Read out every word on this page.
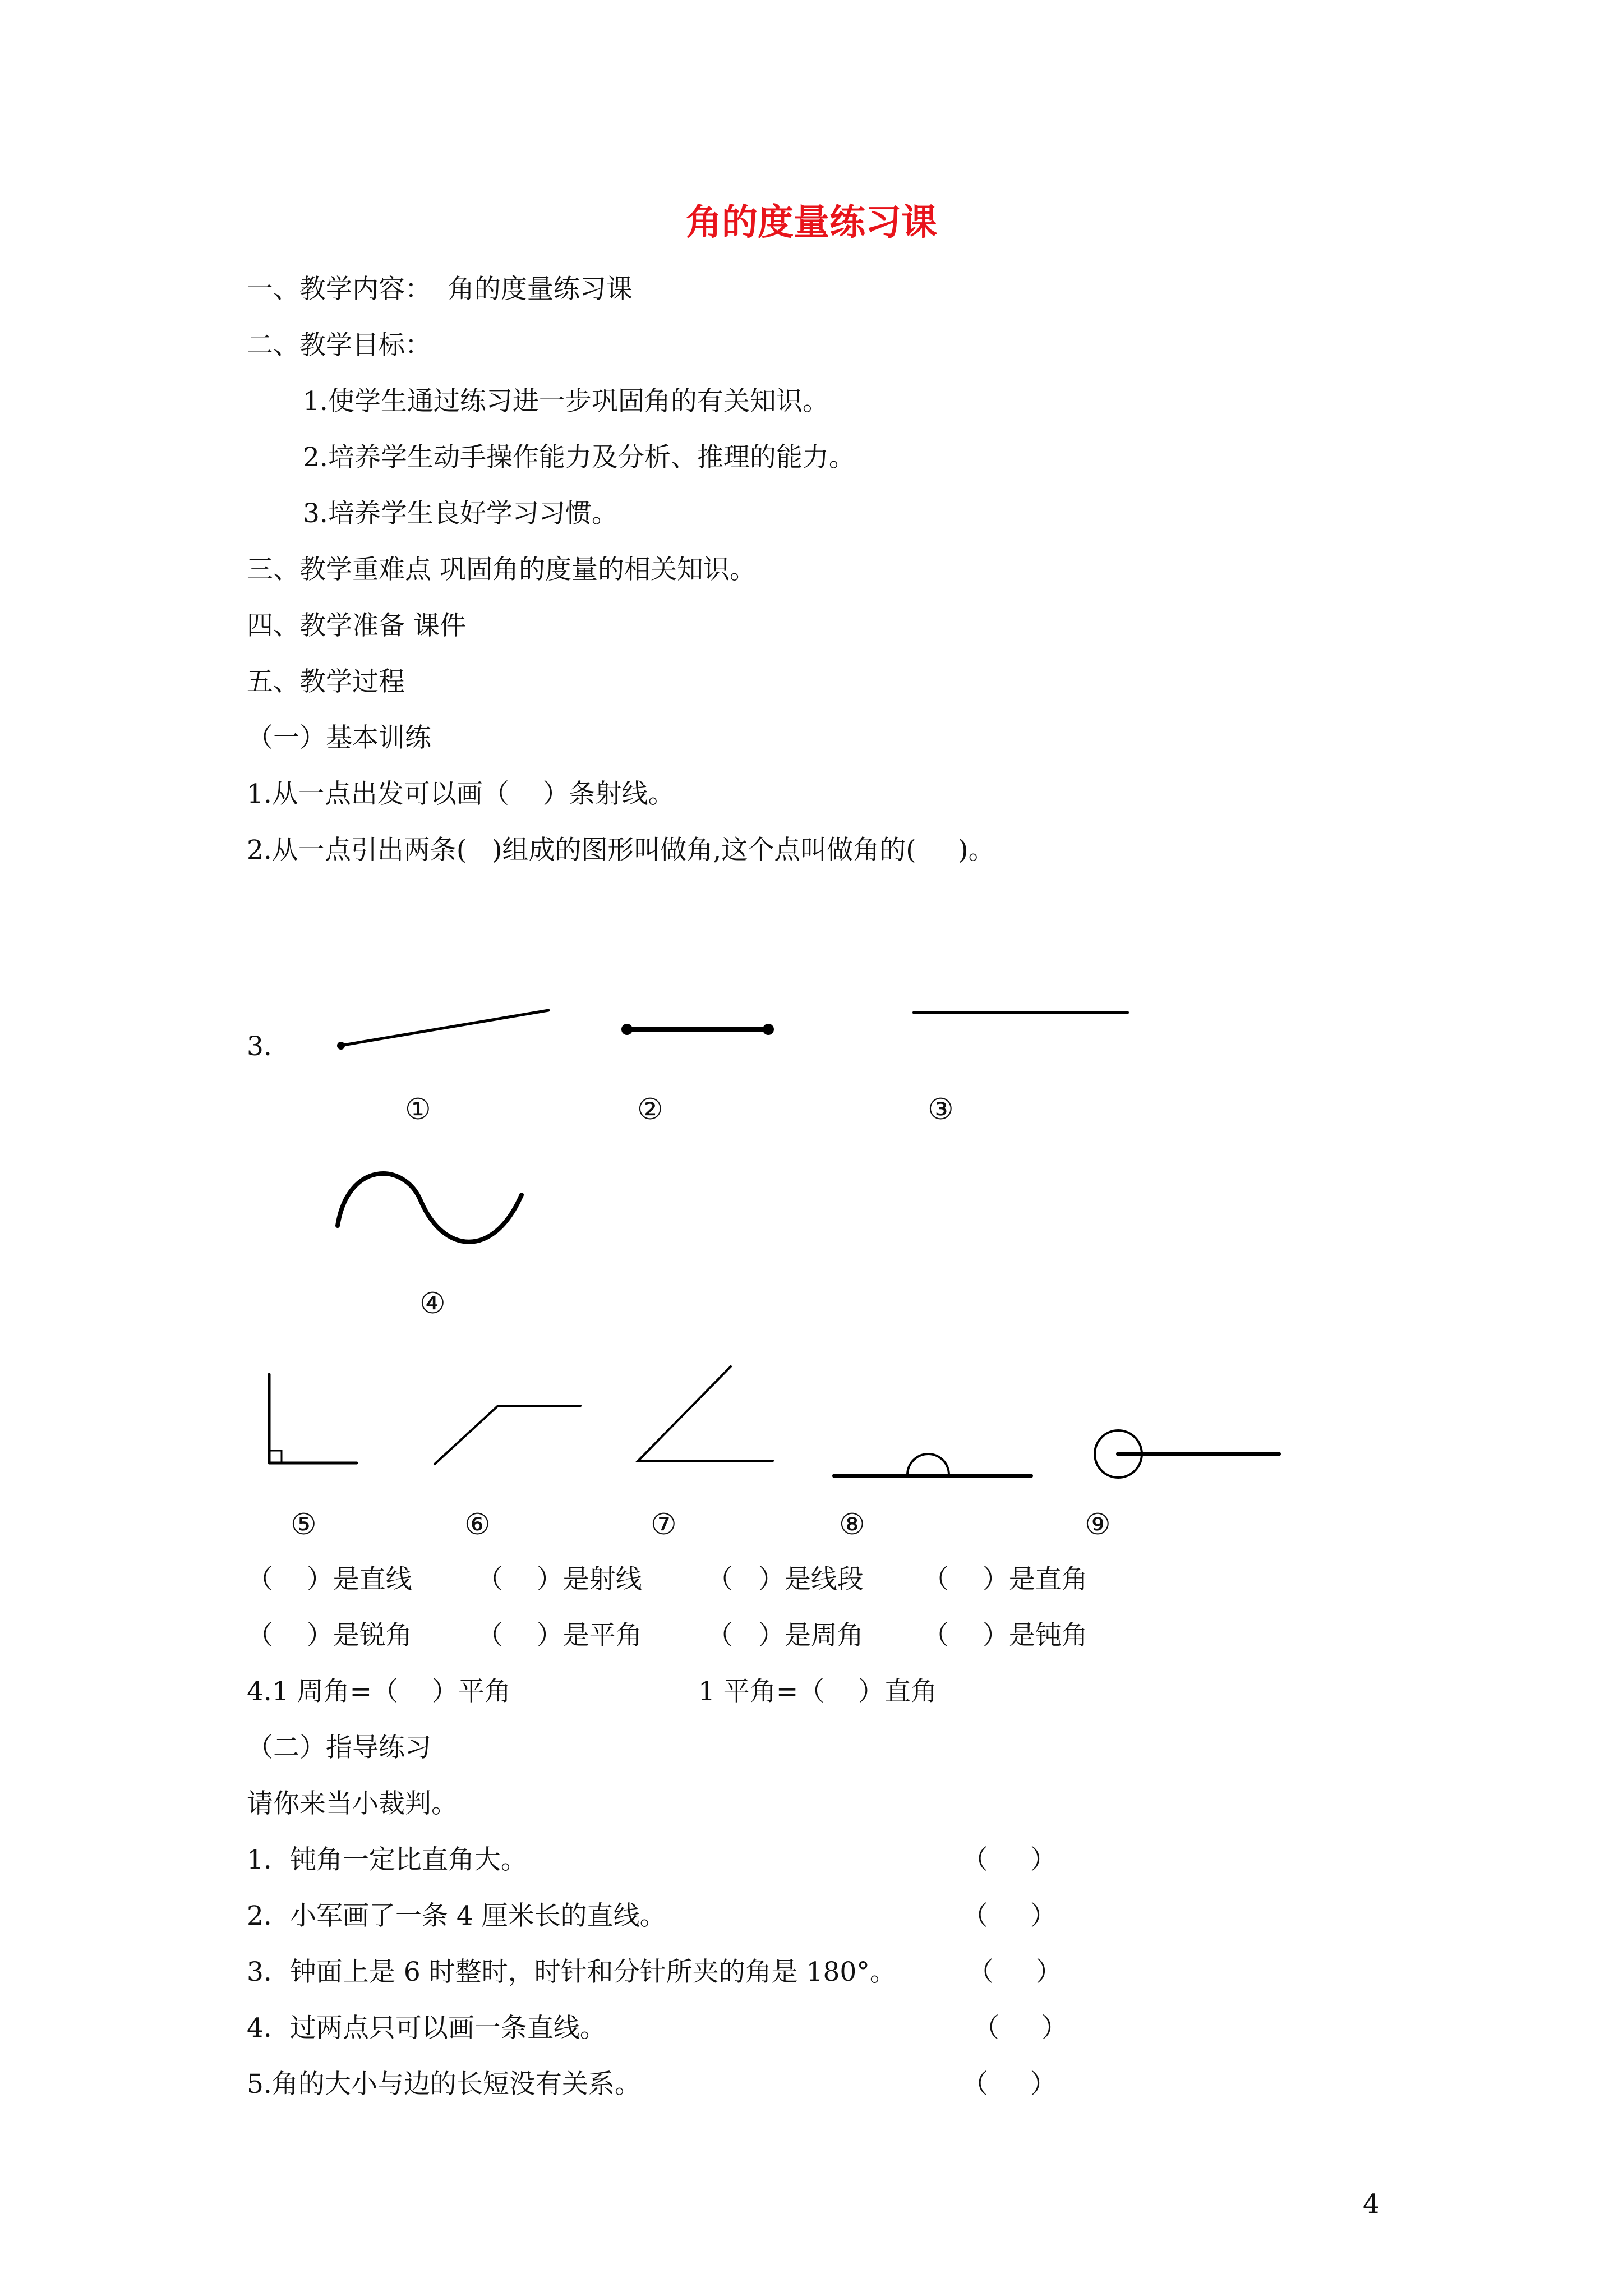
角的度量练习课
一、教学内容：  角的度量练习课
二、教学目标：
1.使学生通过练习进一步巩固角的有关知识。
2.培养学生动手操作能力及分析、推理的能力。
3.培养学生良好学习习惯。
三、教学重难点 巩固角的度量的相关知识。
四、教学准备 课件
五、教学过程
（一）基本训练
1.从一点出发可以画（    ）条射线。
2.从一点引出两条(   )组成的图形叫做角,这个点叫做角的(     )。
3.
①	②	③
④
⑤	⑥	⑦	⑧	⑨
（    ）是直线 （    ）是射线 （   ）是线段 （    ）是直角
（    ）是锐角 （    ）是平角 （   ）是周角 （    ）是钝角
4.1 周角=（    ）平角	1 平角=（    ）直角
（二）指导练习
请你来当小裁判。
1．钝角一定比直角大。	（     ）
2．小军画了一条 4 厘米长的直线。	（     ）
3．钟面上是 6 时整时，时针和分针所夹的角是 180°。	（     ）
4．过两点只可以画一条直线。	（     ）
5.角的大小与边的长短没有关系。	（     ）
4
